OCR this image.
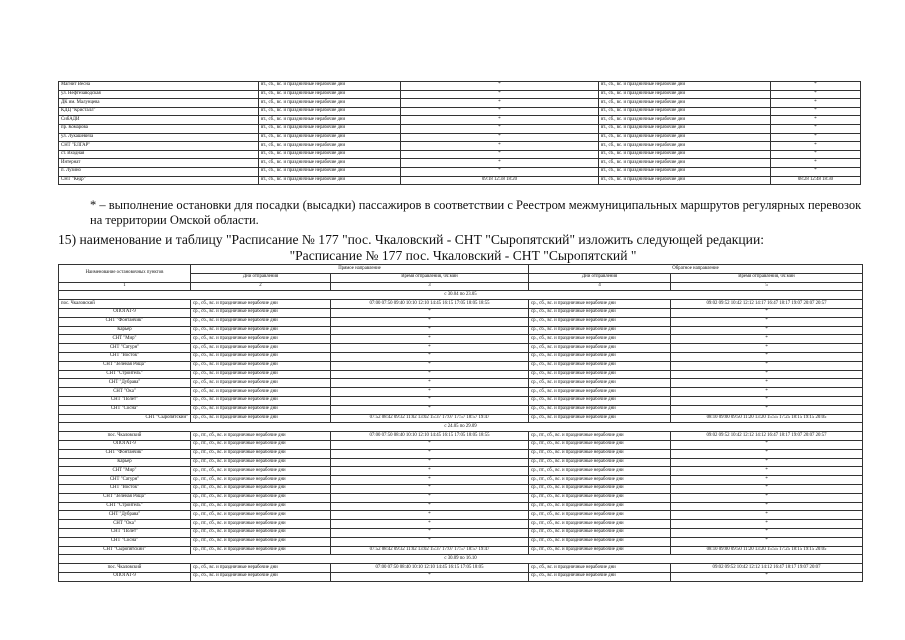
Магнит Весна	вт., сб., вс. и праздничные нерабочие дни	*	вт., сб., вс. и праздничные нерабочие дни	*
ул. Нефтезаводская	вт., сб., вс. и праздничные нерабочие дни	*	вт., сб., вс. и праздничные нерабочие дни	*
ДК им. Малунцева	вт., сб., вс. и праздничные нерабочие дни	*	вт., сб., вс. и праздничные нерабочие дни	*
КДЦ "Кристалл"	вт., сб., вс. и праздничные нерабочие дни	*	вт., сб., вс. и праздничные нерабочие дни	*
СибАДИ	вт., сб., вс. и праздничные нерабочие дни	*	вт., сб., вс. и праздничные нерабочие дни	*
пр. Комарова	вт., сб., вс. и праздничные нерабочие дни	*	вт., сб., вс. и праздничные нерабочие дни	*
ул. Лукашевича	вт., сб., вс. и праздничные нерабочие дни	*	вт., сб., вс. и праздничные нерабочие дни	*
СНТ "ЕЛГАР"	вт., сб., вс. и праздничные нерабочие дни	*	вт., сб., вс. и праздничные нерабочие дни	*
ст. Входная	вт., сб., вс. и праздничные нерабочие дни	*	вт., сб., вс. и праздничные нерабочие дни	*
Интернат	вт., сб., вс. и праздничные нерабочие дни	*	вт., сб., вс. и праздничные нерабочие дни	*
п. Лузино	вт., сб., вс. и праздничные нерабочие дни	*	вт., сб., вс. и праздничные нерабочие дни	*
СНТ "Кедр"	вт., сб., вс. и праздничные нерабочие дни	09:18 12:38 18:20	вт., сб., вс. и праздничные нерабочие дни	08:28 12:48 18:30
* – выполнение остановки для посадки (высадки) пассажиров в соответствии с Реестром межмуниципальных маршрутов регулярных перевозок на территории Омской области.
15) наименование и таблицу "Расписание № 177 "пос. Чкаловский - СНТ "Сыропятский" изложить следующей редакции:
"Расписание № 177 пос. Чкаловский - СНТ "Сыропятский "
Наименование остановочных пунктов	Прямое направление		Обратное направление	
	Дни отправления	Время отправления, чч:мин	Дни отправления	Время отправления, чч:мин
1	2	3	4	5
с 30.04 по 23.05				
пос. Чкаловский	ср., сб., вс. и праздничные нерабочие дни	07:00 07:50 09:40 10:10 12:10 14:45 16:15 17:05 18:05 18:55	ср., сб., вс. и праздничные нерабочие дни	09:02 09:52 10:42 12:12 14:17 16:47 18:17 19:07 20:07 20:57
ОПОГАТ-9	ср., сб., вс. и праздничные нерабочие дни	*	ср., сб., вс. и праздничные нерабочие дни	*
СНТ "Фонтанчик"	ср., сб., вс. и праздничные нерабочие дни	*	ср., сб., вс. и праздничные нерабочие дни	*
Карьер	ср., сб., вс. и праздничные нерабочие дни	*	ср., сб., вс. и праздничные нерабочие дни	*
СНТ "Мир"	ср., сб., вс. и праздничные нерабочие дни	*	ср., сб., вс. и праздничные нерабочие дни	*
СНТ "Сатурн"	ср., сб., вс. и праздничные нерабочие дни	*	ср., сб., вс. и праздничные нерабочие дни	*
СНТ "Восток"	ср., сб., вс. и праздничные нерабочие дни	*	ср., сб., вс. и праздничные нерабочие дни	*
СНТ "Зеленая Роща"	ср., сб., вс. и праздничные нерабочие дни	*	ср., сб., вс. и праздничные нерабочие дни	*
СНТ "Строитель"	ср., сб., вс. и праздничные нерабочие дни	*	ср., сб., вс. и праздничные нерабочие дни	*
СНТ "Дубрава"	ср., сб., вс. и праздничные нерабочие дни	*	ср., сб., вс. и праздничные нерабочие дни	*
СНТ "Ока"	ср., сб., вс. и праздничные нерабочие дни	*	ср., сб., вс. и праздничные нерабочие дни	*
СНТ "Полет"	ср., сб., вс. и праздничные нерабочие дни	*	ср., сб., вс. и праздничные нерабочие дни	*
СНТ "Сосна"	ср., сб., вс. и праздничные нерабочие дни	*	ср., сб., вс. и праздничные нерабочие дни	*
СНТ "Сыропятский"	ср., сб., вс. и праздничные нерабочие дни	07:52 08:42 09:32 11:02 13:02 15:37 17:07 17:57 18:57 19:47	ср., сб., вс. и праздничные нерабочие дни	08:10 09:00 09:50 11:20 13:20 15:55 17:25 18:15 19:15 20:05
с 24.05 по 29.09				
пос. Чкаловский	ср., пт., сб., вс. и праздничные нерабочие дни	07:00 07:50 08:40 10:10 12:10 14:45 16:15 17:05 18:05 18:55	ср., пт., сб., вс. и праздничные нерабочие дни	09:02 09:52 10:42 12:12 14:12 16:47 18:17 19:07 20:07 20:57
ОПОГАТ-9	ср., пт., сб., вс. и праздничные нерабочие дни	*	ср., пт., сб., вс. и праздничные нерабочие дни	*
СНТ "Фонтанчик"	ср., пт., сб., вс. и праздничные нерабочие дни	*	ср., пт., сб., вс. и праздничные нерабочие дни	*
Карьер	ср., пт., сб., вс. и праздничные нерабочие дни	*	ср., пт., сб., вс. и праздничные нерабочие дни	*
СНТ "Мир"	ср., пт., сб., вс. и праздничные нерабочие дни	*	ср., пт., сб., вс. и праздничные нерабочие дни	*
СНТ "Сатурн"	ср., пт., сб., вс. и праздничные нерабочие дни	*	ср., пт., сб., вс. и праздничные нерабочие дни	*
СНТ "Восток"	ср., пт., сб., вс. и праздничные нерабочие дни	*	ср., пт., сб., вс. и праздничные нерабочие дни	*
СНТ "Зеленая Роща"	ср., пт., сб., вс. и праздничные нерабочие дни	*	ср., пт., сб., вс. и праздничные нерабочие дни	*
СНТ "Строитель"	ср., пт., сб., вс. и праздничные нерабочие дни	*	ср., пт., сб., вс. и праздничные нерабочие дни	*
СНТ "Дубрава"	ср., пт., сб., вс. и праздничные нерабочие дни	*	ср., пт., сб., вс. и праздничные нерабочие дни	*
СНТ "Ока"	ср., пт., сб., вс. и праздничные нерабочие дни	*	ср., пт., сб., вс. и праздничные нерабочие дни	*
СНТ "Полет"	ср., пт., сб., вс. и праздничные нерабочие дни	*	ср., пт., сб., вс. и праздничные нерабочие дни	*
СНТ "Сосна"	ср., пт., сб., вс. и праздничные нерабочие дни	*	ср., пт., сб., вс. и праздничные нерабочие дни	*
СНТ "Сыропятский"	ср., пт., сб., вс. и праздничные нерабочие дни	07:52 08:42 09:32 11:02 13:02 15:37 17:07 17:57 18:57 19:47	ср., пт., сб., вс. и праздничные нерабочие дни	08:10 09:00 09:50 11:20 13:20 15:55 17:25 18:15 19:15 20:05
с 30.09 по 16.10				
пос. Чкаловский	ср., сб., вс. и праздничные нерабочие дни	07:00 07:50 08:40 10:10 12:10 14:45 16:15 17:05 18:05	ср., сб., вс. и праздничные нерабочие дни	09:02 09:52 10:42 12:12 14:12 16:47 18:17 19:07 20:07
ОПОГАТ-9	ср., сб., вс. и праздничные нерабочие дни	*	ср., сб., вс. и праздничные нерабочие дни	*
